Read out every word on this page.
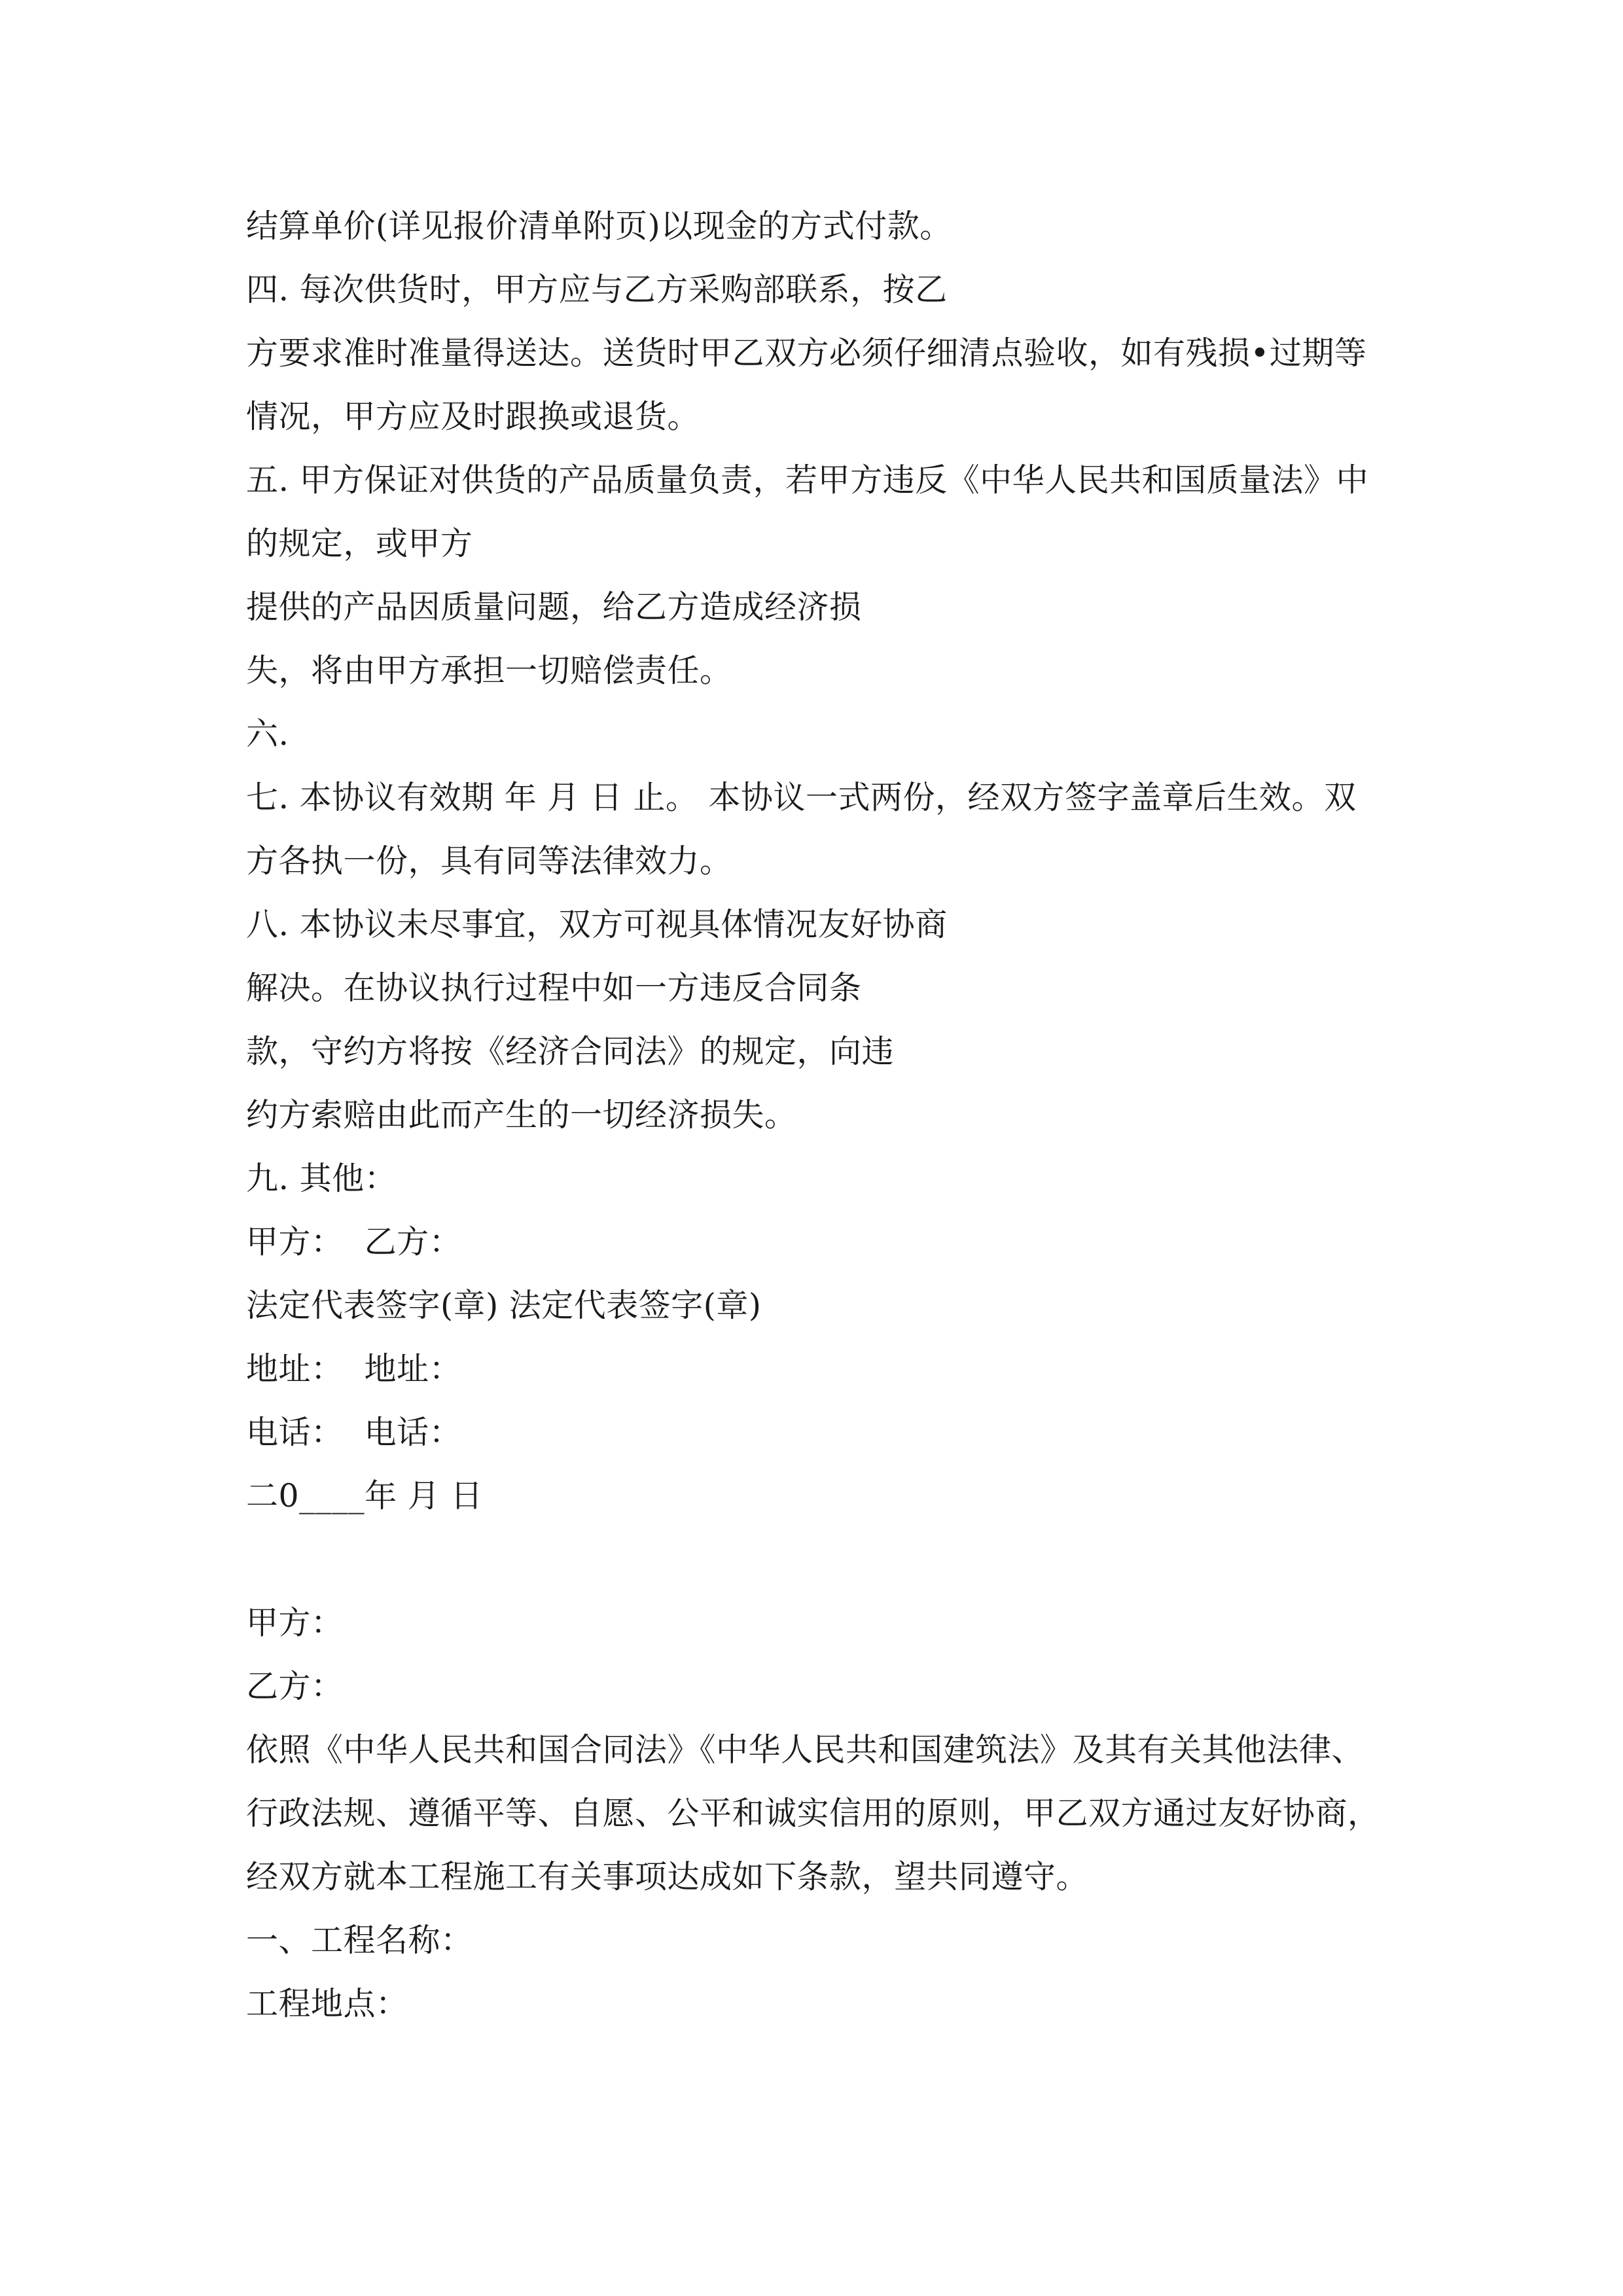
结算单价(详见报价清单附页)以现金的方式付款。

四. 每次供货时，甲方应与乙方采购部联系，按乙

方要求准时准量得送达。送货时甲乙双方必须仔细清点验收，如有残损•过期等

情况，甲方应及时跟换或退货。

五. 甲方保证对供货的产品质量负责，若甲方违反《中华人民共和国质量法》中

的规定，或甲方

提供的产品因质量问题，给乙方造成经济损

失，将由甲方承担一切赔偿责任。

六.

七. 本协议有效期 年 月 日 止。 本协议一式两份，经双方签字盖章后生效。双

方各执一份，具有同等法律效力。

八. 本协议未尽事宜，双方可视具体情况友好协商

解决。在协议执行过程中如一方违反合同条

款，守约方将按《经济合同法》的规定，向违

约方索赔由此而产生的一切经济损失。

九. 其他：

甲方：  乙方：

法定代表签字(章) 法定代表签字(章)

地址：  地址：

电话：  电话：

二0____年 月 日

甲方：

乙方：

依照《中华人民共和国合同法》《中华人民共和国建筑法》及其有关其他法律、

行政法规、遵循平等、自愿、公平和诚实信用的原则，甲乙双方通过友好协商，

经双方就本工程施工有关事项达成如下条款，望共同遵守。

一、工程名称：

工程地点：
